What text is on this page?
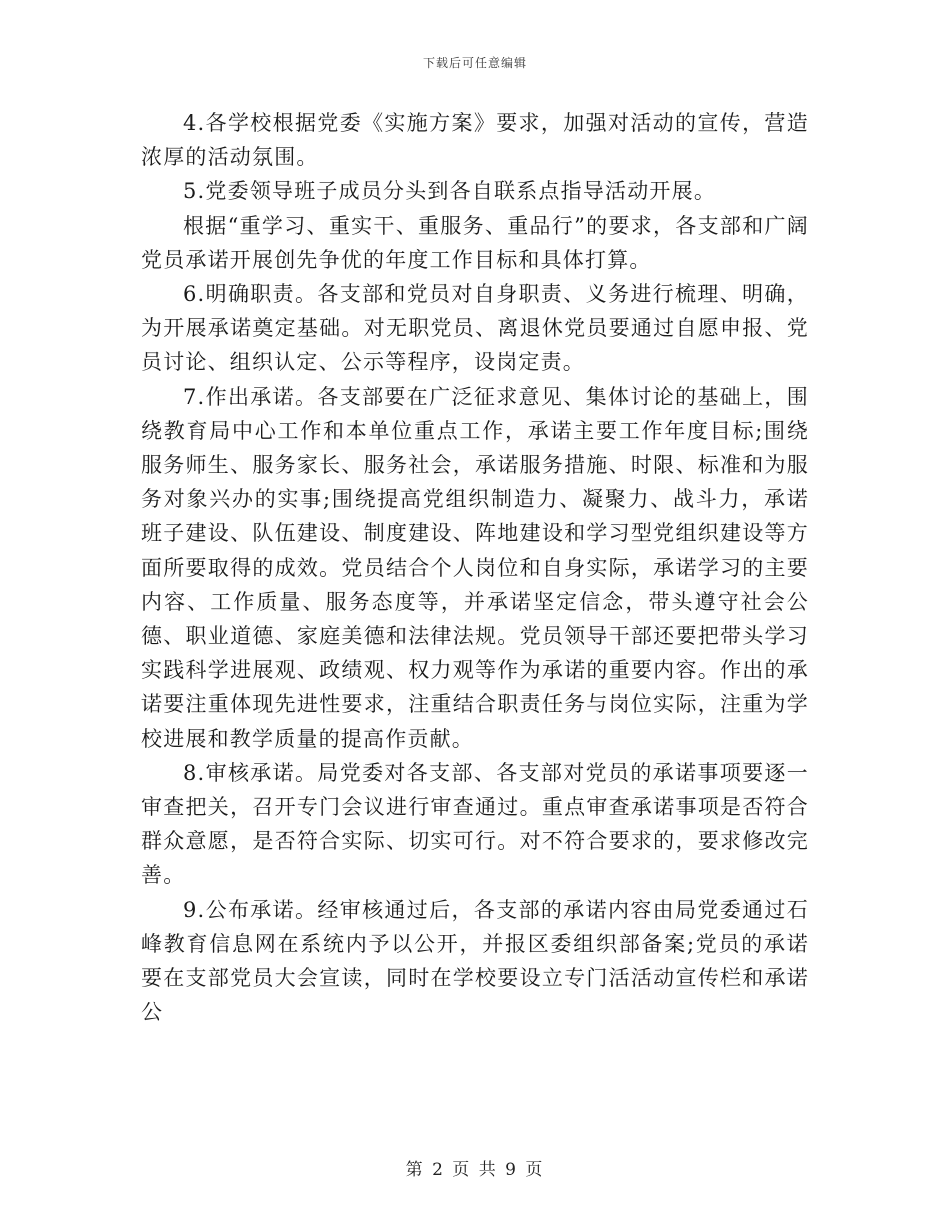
下载后可任意编辑

4.各学校根据党委《实施方案》要求，加强对活动的宣传，营造浓厚的活动氛围。

5.党委领导班子成员分头到各自联系点指导活动开展。

根据“重学习、重实干、重服务、重品行”的要求，各支部和广阔党员承诺开展创先争优的年度工作目标和具体打算。

6.明确职责。各支部和党员对自身职责、义务进行梳理、明确，为开展承诺奠定基础。对无职党员、离退休党员要通过自愿申报、党员讨论、组织认定、公示等程序，设岗定责。

7.作出承诺。各支部要在广泛征求意见、集体讨论的基础上，围绕教育局中心工作和本单位重点工作，承诺主要工作年度目标;围绕服务师生、服务家长、服务社会，承诺服务措施、时限、标准和为服务对象兴办的实事;围绕提高党组织制造力、凝聚力、战斗力，承诺班子建设、队伍建设、制度建设、阵地建设和学习型党组织建设等方面所要取得的成效。党员结合个人岗位和自身实际，承诺学习的主要内容、工作质量、服务态度等，并承诺坚定信念，带头遵守社会公德、职业道德、家庭美德和法律法规。党员领导干部还要把带头学习实践科学进展观、政绩观、权力观等作为承诺的重要内容。作出的承诺要注重体现先进性要求，注重结合职责任务与岗位实际，注重为学校进展和教学质量的提高作贡献。

8.审核承诺。局党委对各支部、各支部对党员的承诺事项要逐一审查把关，召开专门会议进行审查通过。重点审查承诺事项是否符合群众意愿，是否符合实际、切实可行。对不符合要求的，要求修改完善。

9.公布承诺。经审核通过后，各支部的承诺内容由局党委通过石峰教育信息网在系统内予以公开，并报区委组织部备案;党员的承诺要在支部党员大会宣读，同时在学校要设立专门活活动宣传栏和承诺公

第 2 页 共 9 页
